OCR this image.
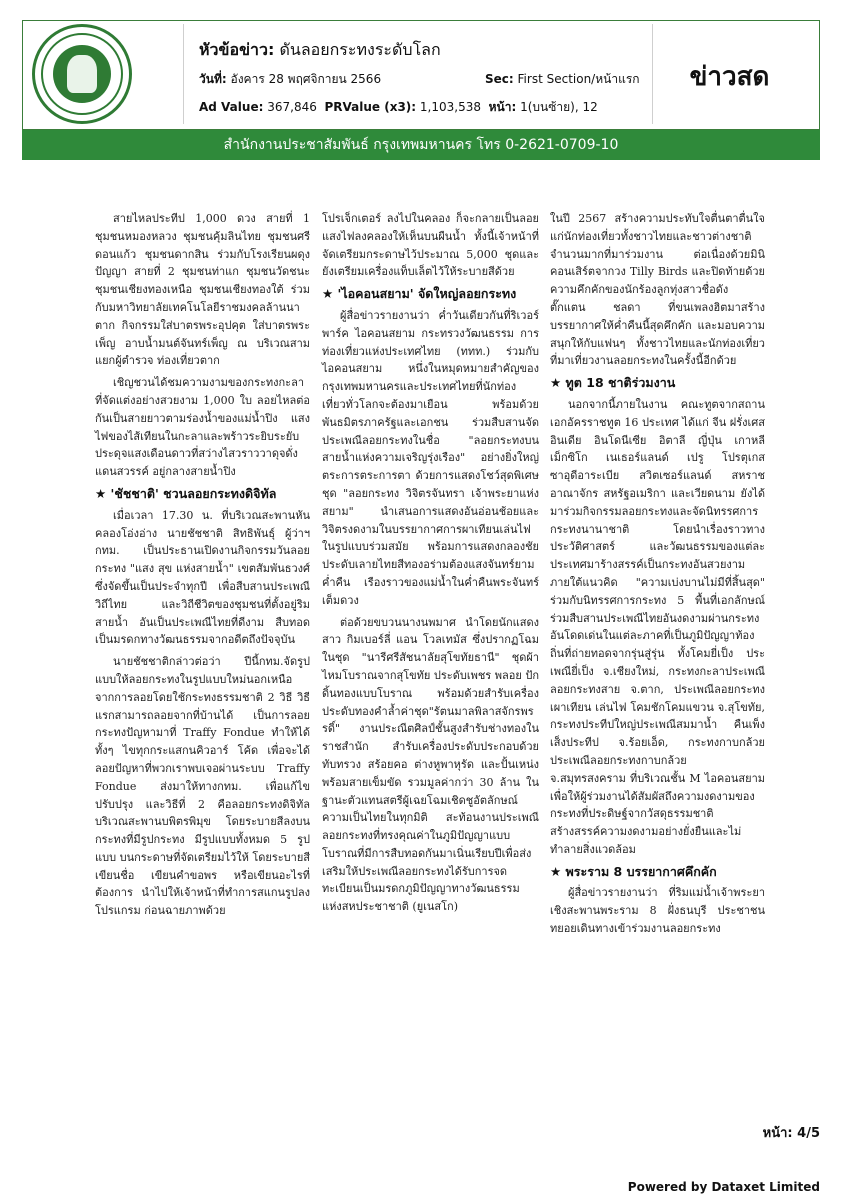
หัวข้อข่าว: ดันลอยกระทงระดับโลก
วันที่: อังคาร 28 พฤศจิกายน 2566	Sec: First Section/หน้าแรก
Ad Value: 367,846 PRValue (x3): 1,103,538 หน้า: 1(บนซ้าย), 12
ข่าวสด
สำนักงานประชาสัมพันธ์ กรุงเทพมหานคร โทร 0-2621-0709-10

สายไหลประทีป 1,000 ดวง สายที่ 1 ชุมชนหมองหลวง ชุมชนคุ้มลินไทย ชุมชนศรีดอนแก้ว ชุมชนดากสิน ร่วมกับโรงเรียนผดุงปัญญา สายที่ 2 ชุมชนท่าแก ชุมชนวัดชนะ ชุมชนเชียงทองเหนือ ชุมชนเชียงทองใต้ ร่วมกับมหาวิทยาลัยเทคโนโลยีราชมงคลล้านนาตาก กิจกรรมใส่บาตรพระอุปคุต ใส่บาตรพระเพ็ญ อาบน้ำมนต์จันทร์เพ็ญ ณ บริเวณสามแยกผู้ตำรวจ ท่องเที่ยวตาก

เชิญชวนได้ชมความงามของกระทงกะลาที่จัดแต่งอย่างสวยงาม 1,000 ใบ ลอยไหลต่อกันเป็นสายยาวตามร่องน้ำของแม่น้ำปิง แสงไฟของไส้เทียนในกะลาและพร้าวระยิบระยับ ประดุจแสงเดือนดาวที่สว่างไสวราววาดุจดั่งแดนสวรรค์ อยู่กลางสายน้ำปิง

★ 'ชัชชาติ' ชวนลอยกระทงดิจิทัล

เมื่อเวลา 17.30 น. ที่บริเวณสะพานหันคลองโอ่งอ่าง นายชัชชาติ สิทธิพันธุ์ ผู้ว่าฯ กทม. เป็นประธานเปิดงานกิจกรรมวันลอยกระทง "แสง สุข แห่งสายน้ำ" เขตสัมพันธวงศ์ ซึ่งจัดขึ้นเป็นประจำทุกปี เพื่อสืบสานประเพณีวิถีไทย และวิถีชีวิตของชุมชนที่ตั้งอยู่ริมสายน้ำ อันเป็นประเพณีไทยที่ดีงาม สืบทอดเป็นมรดกทางวัฒนธรรมจากอดีตถึงปัจจุบัน

นายชัชชาติกล่าวต่อว่า ปีนี้กทม.จัดรูปแบบให้ลอยกระทงในรูปแบบใหม่นอกเหนือจากการลอยโดยใช้กระทงธรรมชาติ 2 วิธี วิธีแรกสามารถลอยจากที่บ้านได้ เป็นการลอยกระทงปัญหามาที่ Traffy Fondue ทำให้ได้ทั้งๆ ไขทุกกระแสกนคิวอาร์ โค้ด เพื่อจะได้ลอยปัญหาที่พวกเราพบเจอผ่านระบบ Traffy Fondue ส่งมาให้ทางกทม. เพื่อแก้ไข ปรับปรุง และวิธีที่ 2 คือลอยกระทงดิจิทัล บริเวณสะพานบพิตรพิมุข โดยระบายสีลงบนกระทงที่มีรูปกระทง มีรูปแบบทั้งหมด 5 รูปแบบ บนกระดาษที่จัดเตรียมไว้ให้ โดยระบายสี เขียนชื่อ เขียนคำขอพร หรือเขียนอะไรที่ต้องการ นำไปให้เจ้าหน้าที่ทำการสแกนรูปลงโปรแกรม ก่อนฉายภาพด้วย

โปรเจ็กเตอร์ ลงไปในคลอง ก็จะกลายเป็นลอยแสงไฟลงคลองให้เห็นบนผืนน้ำ ทั้งนี้เจ้าหน้าที่จัดเตรียมกระดาษไว้ประมาณ 5,000 ชุดและยังเตรียมเครื่องแท็บเล็ตไว้ให้ระบายสีด้วย

★ 'ไอคอนสยาม' จัดใหญ่ลอยกระทง

ผู้สื่อข่าวรายงานว่า ค่ำวันเดียวกันที่ริเวอร์ พาร์ค ไอคอนสยาม กระทรวงวัฒนธรรม การท่องเที่ยวแห่งประเทศไทย (ททท.) ร่วมกับ ไอคอนสยาม หนึ่งในหมุดหมายสำคัญของกรุงเทพมหานครและประเทศไทยที่นักท่องเที่ยวทั่วโลกจะต้องมาเยือน พร้อมด้วยพันธมิตรภาครัฐและเอกชน ร่วมสืบสานจัดประเพณีลอยกระทงในชื่อ "ลอยกระทงบนสายน้ำแห่งความเจริญรุ่งเรือง" อย่างยิ่งใหญ่ตระการตระการตา ด้วยการแสดงโชว์สุดพิเศษชุด "ลอยกระทง วิจิตรจันทรา เจ้าพระยาแห่งสยาม" นำเสนอการแสดงอันอ่อนช้อยและวิจิตรงดงามในบรรยากาศการผาเทียนเล่นไฟในรูปแบบร่วมสมัย พร้อมการแสดงกลองชัยประดับเลายไทยสีทองอร่ามต้องแสงจันทร์ยามค่ำคืน เรืองราวของแม่น้ำในค่ำคืนพระจันทร์เต็มดวง

ต่อด้วยขบวนนางนพมาศ นำโดยนักแสดงสาว กิมเบอร์ลี่ แอน โวลเทมัส ซึ่งปรากฏโฉมในชุด "นารีศรีสัชนาลัยสุโขทัยธานี" ชุดผ้าไหมโบราณจากสุโขทัย ประดับเพชร พลอย ปักดิ้นทองแบบโบราณ พร้อมด้วยสำรับเครื่องประดับทองคำล้ำค่าชุด"รัตนมาลพิลาสจักรพรรดิ์" งานประณีตศิลป์ชั้นสูงสำรับช่างทองในราชสำนัก สำรับเครื่องประดับประกอบด้วย ทับทรวง สร้อยคอ ต่างหูพาหุรัด และปั้นเหน่งพร้อมสายเข็มขัด รวมมูลค่ากว่า 30 ล้าน ในฐานะตัวแทนสตรีผู้เฉยโฉมเชิดชูอัตลักษณ์ความเป็นไทยในทุกมิติ สะท้อนงานประเพณีลอยกระทงที่ทรงคุณค่าในภูมิปัญญาแบบโบราณที่มีการสืบทอดกันมาเนิ่นเรียบปีเพื่อส่งเสริมให้ประเพณีลอยกระทงได้รับการจดทะเบียนเป็นมรดกภูมิปัญญาทางวัฒนธรรมแห่งสหประชาชาติ (ยูเนสโก)

ในปี 2567 สร้างความประทับใจตื่นตาตื่นใจแก่นักท่องเที่ยวทั้งชาวไทยและชาวต่างชาติจำนวนมากที่มาร่วมงาน ต่อเนื่องด้วยมินิคอนเสิร์ตจากวง Tilly Birds และปิดท้ายด้วยความคึกคักของนักร้องลูกทุ่งสาวชื่อดัง ตั๊กแตน ชลดา ที่ขนเพลงฮิตมาสร้างบรรยากาศให้ค่ำคืนนี้สุดคึกคัก และมอบความสนุกให้กับแฟนๆ ทั้งชาวไทยและนักท่องเที่ยวที่มาเที่ยวงานลอยกระทงในครั้งนี้อีกด้วย

★ ทูต 18 ชาติร่วมงาน

นอกจากนี้ภายในงาน คณะทูตจากสถานเอกอัครราชทูต 16 ประเทศ ได้แก่ จีน ฝรั่งเศส อินเดีย อินโดนีเซีย อิตาลี ญี่ปุ่น เกาหลี เม็กซิโก เนเธอร์แลนด์ เปรู โปรตุเกส ซาอุดีอาระเบีย สวิตเซอร์แลนด์ สหราชอาณาจักร สหรัฐอเมริกา และเวียดนาม ยังได้มาร่วมกิจกรรมลอยกระทงและจัดนิทรรศการกระทงนานาชาติ โดยนำเรื่องราวทางประวัติศาสตร์ และวัฒนธรรมของแต่ละประเทศมาร้างสรรค์เป็นกระทงอันสวยงามภายใต้แนวคิด "ความเบ่งบานไม่มีที่สิ้นสุด" ร่วมกับนิทรรศการกระทง 5 พื้นที่เอกลักษณ์ ร่วมสืบสานประเพณีไทยอันงดงามผ่านกระทงอันโดดเด่นในแต่ละภาคที่เป็นภูมิปัญญาท้องถิ่นที่ถ่ายทอดจากรุ่นสู่รุ่น ทั้งโคมยี่เป็ง ประเพณียี่เป็ง จ.เชียงใหม่, กระทงกะลาประเพณีลอยกระทงสาย จ.ตาก, ประเพณีลอยกระทง เผาเทียน เล่นไฟ โคมชักโคมแขวน จ.สุโขทัย, กระทงประทีปใหญ่ประเพณีสมมาน้ำ คืนเพ็ง เส็งประทีป จ.ร้อยเอ็ด, กระทงกาบกล้วย ประเพณีลอยกระทงกาบกล้วย จ.สมุทรสงคราม ที่บริเวณชั้น M ไอคอนสยาม เพื่อให้ผู้ร่วมงานได้สัมผัสถึงความงดงามของกระทงที่ประดิษฐ์จากวัสดุธรรมชาติ สร้างสรรค์ความงดงามอย่างยั่งยืนและไม่ทำลายสิ่งแวดล้อม

★ พระราม 8 บรรยากาศคึกคัก

ผู้สื่อข่าวรายงานว่า ที่ริมแม่น้ำเจ้าพระยาเชิงสะพานพระราม 8 ฝั่งธนบุรี ประชาชนทยอยเดินทางเข้าร่วมงานลอยกระทง

หน้า: 4/5
Powered by Dataxet Limited
